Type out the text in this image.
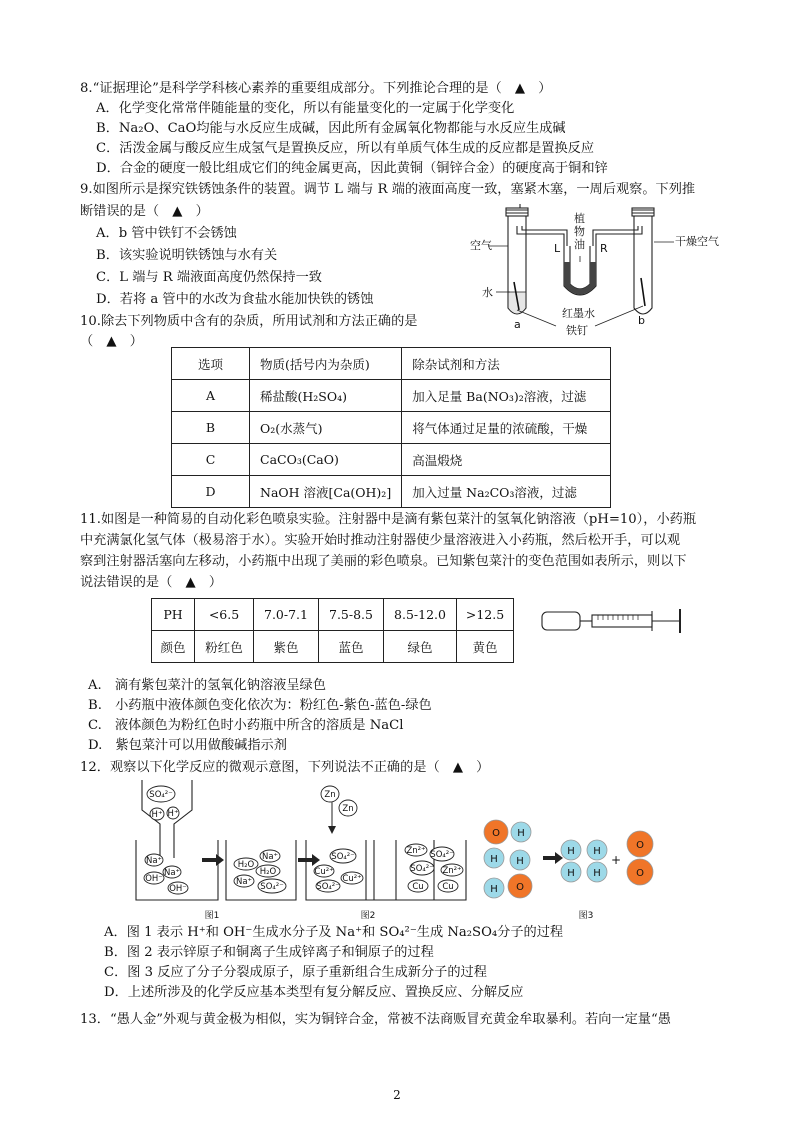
8.“证据理论”是科学学科核心素养的重要组成部分。下列推论合理的是（　▲　）
A．化学变化常常伴随能量的变化，所以有能量变化的一定属于化学变化
B．Na₂O、CaO均能与水反应生成碱，因此所有金属氧化物都能与水反应生成碱
C．活泼金属与酸反应生成氢气是置换反应，所以有单质气体生成的反应都是置换反应
D．合金的硬度一般比组成它们的纯金属更高，因此黄铜（铜锌合金）的硬度高于铜和锌
9.如图所示是探究铁锈蚀条件的装置。调节 L 端与 R 端的液面高度一致，塞紧木塞，一周后观察。下列推
断错误的是（　▲　）
A．b 管中铁钉不会锈蚀
B．该实验说明铁锈蚀与水有关
C．L 端与 R 端液面高度仍然保持一致
D．若将 a 管中的水改为食盐水能加快铁的锈蚀
空气	干燥空气
植
物
油
L	R
水
红墨水
铁钉
a	b
10.除去下列物质中含有的杂质，所用试剂和方法正确的是
（　▲　）
选项	物质(括号内为杂质)	除杂试剂和方法
A	稀盐酸(H₂SO₄)	加入足量 Ba(NO₃)₂溶液，过滤
B	O₂(水蒸气)	将气体通过足量的浓硫酸，干燥
C	CaCO₃(CaO)	高温煅烧
D	NaOH 溶液[Ca(OH)₂]	加入过量 Na₂CO₃溶液，过滤
11.如图是一种简易的自动化彩色喷泉实验。注射器中是滴有紫包菜汁的氢氧化钠溶液（pH=10），小药瓶
中充满氯化氢气体（极易溶于水）。实验开始时推动注射器使少量溶液进入小药瓶，然后松开手，可以观
察到注射器活塞向左移动，小药瓶中出现了美丽的彩色喷泉。已知紫包菜汁的变色范围如表所示，则以下
说法错误的是（　▲　）
PH	<6.5	7.0-7.1	7.5-8.5	8.5-12.0	>12.5
颜色	粉红色	紫色	蓝色	绿色	黄色
A.　滴有紫包菜汁的氢氧化钠溶液呈绿色
B.　小药瓶中液体颜色变化依次为：粉红色-紫色-蓝色-绿色
C.　液体颜色为粉红色时小药瓶中所含的溶质是 NaCl
D.　紫包菜汁可以用做酸碱指示剂
12．观察以下化学反应的微观示意图，下列说法不正确的是（　▲　）
SO₄²⁻
H⁺ H⁺
Na⁺
Na⁺
OH⁻
OH⁻
H₂O
Na⁺
H₂O
Na⁺ SO₄²⁻
Zn
Zn
SO₄²⁻
Cu²⁺
Cu²⁺
SO₄²⁻
Zn²⁺ SO₄²⁻
SO₄²⁻ Zn²⁺
Cu Cu
O H
H H
H O
H
H
H
H
O
O
+
图1	图2	图3
A．图 1 表示 H⁺和 OH⁻生成水分子及 Na⁺和 SO₄²⁻生成 Na₂SO₄分子的过程
B．图 2 表示锌原子和铜离子生成锌离子和铜原子的过程
C．图 3 反应了分子分裂成原子，原子重新组合生成新分子的过程
D．上述所涉及的化学反应基本类型有复分解反应、置换反应、分解反应
13．“愚人金”外观与黄金极为相似，实为铜锌合金，常被不法商贩冒充黄金牟取暴利。若向一定量“愚
2
